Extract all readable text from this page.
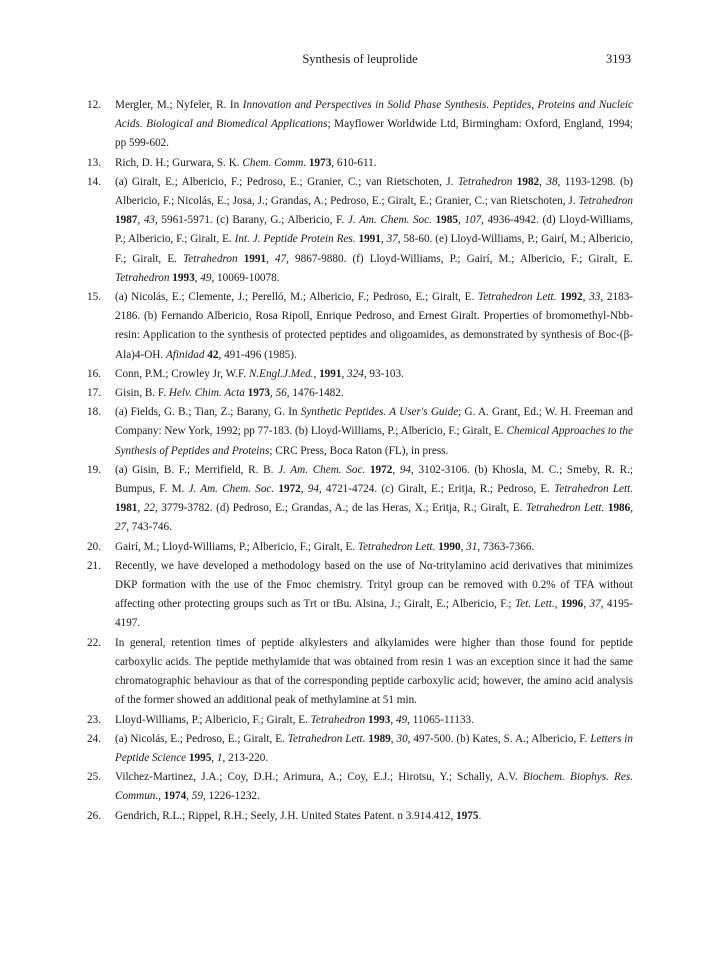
Synthesis of leuprolide	3193
12.	Mergler, M.; Nyfeler, R. In Innovation and Perspectives in Solid Phase Synthesis. Peptides, Proteins and Nucleic Acids. Biological and Biomedical Applications; Mayflower Worldwide Ltd, Birmingham: Oxford, England, 1994; pp 599-602.
13.	Rich, D. H.; Gurwara, S. K. Chem. Comm. 1973, 610-611.
14.	(a) Giralt, E.; Albericio, F.; Pedroso, E.; Granier, C.; van Rietschoten, J. Tetrahedron 1982, 38, 1193-1298. (b) Albericio, F.; Nicolás, E.; Josa, J.; Grandas, A.; Pedroso, E.; Giralt, E.; Granier, C.; van Rietschoten, J. Tetrahedron 1987, 43, 5961-5971. (c) Barany, G.; Albericio, F. J. Am. Chem. Soc. 1985, 107, 4936-4942. (d) Lloyd-Williams, P.; Albericio, F.; Giralt, E. Int. J. Peptide Protein Res. 1991, 37, 58-60. (e) Lloyd-Williams, P.; Gairí, M.; Albericio, F.; Giralt, E. Tetrahedron 1991, 47, 9867-9880. (f) Lloyd-Williams, P.; Gairí, M.; Albericio, F.; Giralt, E. Tetrahedron 1993, 49, 10069-10078.
15.	(a) Nicolás, E.; Clemente, J.; Perelló, M.; Albericio, F.; Pedroso, E.; Giralt, E. Tetrahedron Lett. 1992, 33, 2183-2186. (b) Fernando Albericio, Rosa Ripoll, Enrique Pedroso, and Ernest Giralt. Properties of bromomethyl-Nbb-resin: Application to the synthesis of protected peptides and oligoamides, as demonstrated by synthesis of Boc-(β-Ala)4-OH. Afinidad 42, 491-496 (1985).
16.	Conn, P.M.; Crowley Jr, W.F. N.Engl.J.Med., 1991, 324, 93-103.
17.	Gisin, B. F. Helv. Chim. Acta 1973, 56, 1476-1482.
18.	(a) Fields, G. B.; Tian, Z.; Barany, G. In Synthetic Peptides. A User's Guide; G. A. Grant, Ed.; W. H. Freeman and Company: New York, 1992; pp 77-183. (b) Lloyd-Williams, P.; Albericio, F.; Giralt, E. Chemical Approaches to the Synthesis of Peptides and Proteins; CRC Press, Boca Raton (FL), in press.
19.	(a) Gisin, B. F.; Merrifield, R. B. J. Am. Chem. Soc. 1972, 94, 3102-3106. (b) Khosla, M. C.; Smeby, R. R.; Bumpus, F. M. J. Am. Chem. Soc. 1972, 94, 4721-4724. (c) Giralt, E.; Eritja, R.; Pedroso, E. Tetrahedron Lett. 1981, 22, 3779-3782. (d) Pedroso, E.; Grandas, A.; de las Heras, X.; Eritja, R.; Giralt, E. Tetrahedron Lett. 1986, 27, 743-746.
20.	Gairí, M.; Lloyd-Williams, P.; Albericio, F.; Giralt, E. Tetrahedron Lett. 1990, 31, 7363-7366.
21.	Recently, we have developed a methodology based on the use of Nα-tritylamino acid derivatives that minimizes DKP formation with the use of the Fmoc chemistry. Trityl group can be removed with 0.2% of TFA without affecting other protecting groups such as Trt or tBu. Alsina, J.; Giralt, E.; Albericio, F.; Tet. Lett., 1996, 37, 4195-4197.
22.	In general, retention times of peptide alkylesters and alkylamides were higher than those found for peptide carboxylic acids. The peptide methylamide that was obtained from resin 1 was an exception since it had the same chromatographic behaviour as that of the corresponding peptide carboxylic acid; however, the amino acid analysis of the former showed an additional peak of methylamine at 51 min.
23.	Lloyd-Williams, P.; Albericio, F.; Giralt, E. Tetrahedron 1993, 49, 11065-11133.
24.	(a) Nicolás, E.; Pedroso, E.; Giralt, E. Tetrahedron Lett. 1989, 30, 497-500. (b) Kates, S. A.; Albericio, F. Letters in Peptide Science 1995, 1, 213-220.
25.	Vilchez-Martinez, J.A.; Coy, D.H.; Arimura, A.; Coy, E.J.; Hirotsu, Y.; Schally, A.V. Biochem. Biophys. Res. Commun., 1974, 59, 1226-1232.
26.	Gendrich, R.L.; Rippel, R.H.; Seely, J.H. United States Patent. n 3.914.412, 1975.
